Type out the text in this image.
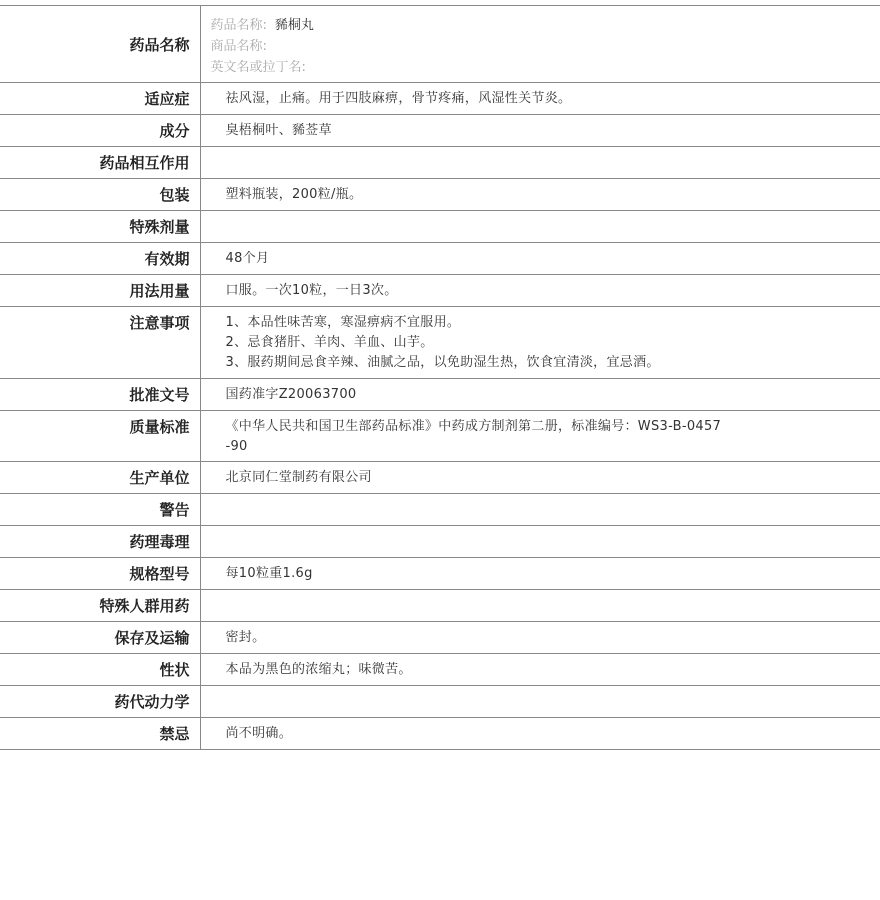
药品名称	药品名称: 豨桐丸
商品名称:
英文名或拉丁名:

适应症	祛风湿，止痛。用于四肢麻痹，骨节疼痛，风湿性关节炎。

成分	臭梧桐叶、豨莶草

药品相互作用	

包装	塑料瓶装，200粒/瓶。

特殊剂量	

有效期	48个月

用法用量	口服。一次10粒，一日3次。

注意事项	1、本品性味苦寒，寒湿痹病不宜服用。
2、忌食猪肝、羊肉、羊血、山芋。
3、服药期间忌食辛辣、油腻之品，以免助湿生热，饮食宜清淡，宜忌酒。

批准文号	国药准字Z20063700

质量标准	《中华人民共和国卫生部药品标准》中药成方制剂第二册，标准编号：WS3-B-0457
-90

生产单位	北京同仁堂制药有限公司

警告	

药理毒理	

规格型号	每10粒重1.6g

特殊人群用药	

保存及运输	密封。

性状	本品为黑色的浓缩丸；味微苦。

药代动力学	

禁忌	尚不明确。
